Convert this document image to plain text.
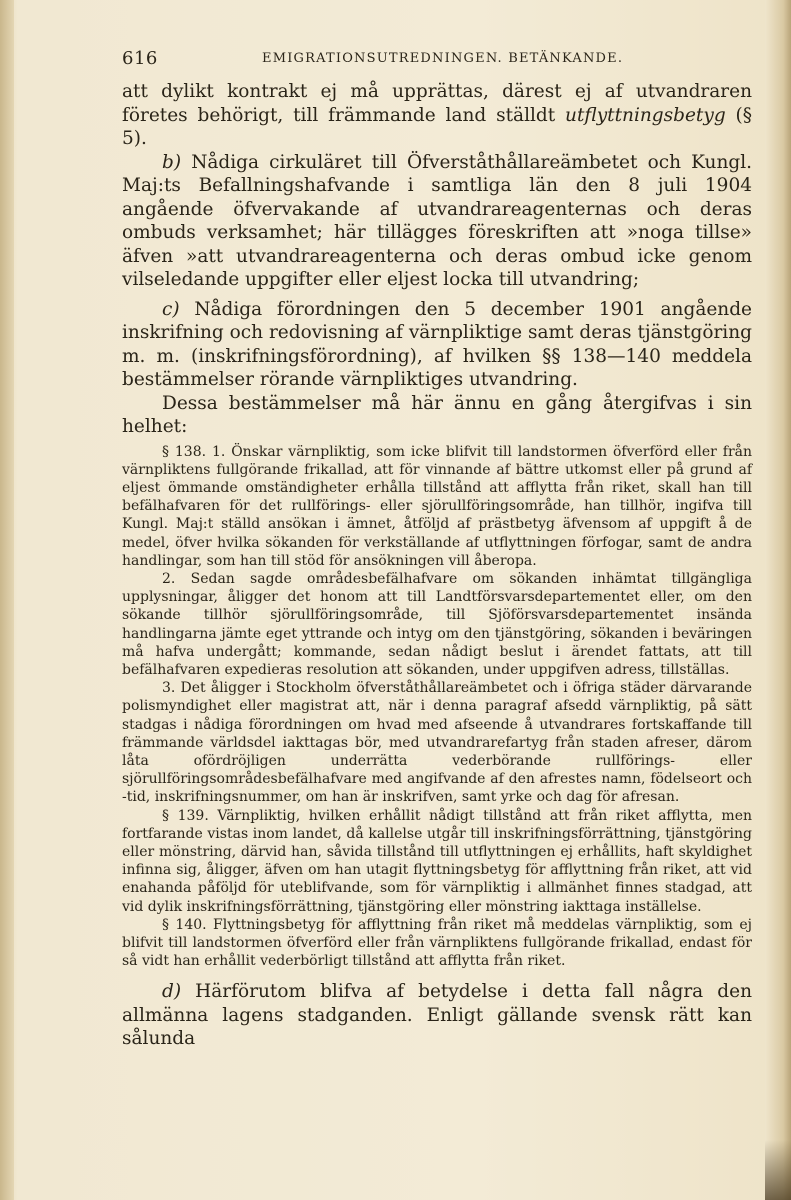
616	EMIGRATIONSUTREDNINGEN. BETÄNKANDE.

att dylikt kontrakt ej må upprättas, därest ej af utvandraren företes behörigt, till främmande land ställdt utflyttningsbetyg (§ 5).

b) Nådiga cirkuläret till Öfverståthållareämbetet och Kungl. Maj:ts Befallningshafvande i samtliga län den 8 juli 1904 angående öfvervakande af utvandrareagenternas och deras ombuds verksamhet; här tillägges föreskriften att »noga tillse» äfven »att utvandrareagenterna och deras ombud icke genom vilseledande uppgifter eller eljest locka till utvandring;

c) Nådiga förordningen den 5 december 1901 angående inskrifning och redovisning af värnpliktige samt deras tjänstgöring m. m. (inskrifningsförordning), af hvilken §§ 138—140 meddela bestämmelser rörande värnpliktiges utvandring.

Dessa bestämmelser må här ännu en gång återgifvas i sin helhet:

§ 138. 1. Önskar värnpliktig, som icke blifvit till landstormen öfverförd eller från värnpliktens fullgörande frikallad, att för vinnande af bättre utkomst eller på grund af eljest ömmande omständigheter erhålla tillstånd att afflytta från riket, skall han till befälhafvaren för det rullförings- eller sjörullföringsområde, han tillhör, ingifva till Kungl. Maj:t ställd ansökan i ämnet, åtföljd af prästbetyg äfvensom af uppgift å de medel, öfver hvilka sökanden för verkställande af utflyttningen förfogar, samt de andra handlingar, som han till stöd för ansökningen vill åberopa.

2. Sedan sagde områdesbefälhafvare om sökanden inhämtat tillgängliga upplysningar, åligger det honom att till Landtförsvarsdepartementet eller, om den sökande tillhör sjörullföringsområde, till Sjöförsvarsdepartementet insända handlingarna jämte eget yttrande och intyg om den tjänstgöring, sökanden i beväringen må hafva undergått; kommande, sedan nådigt beslut i ärendet fattats, att till befälhafvaren expedieras resolution att sökanden, under uppgifven adress, tillställas.

3. Det åligger i Stockholm öfverståthållareämbetet och i öfriga städer därvarande polismyndighet eller magistrat att, när i denna paragraf afsedd värnpliktig, på sätt stadgas i nådiga förordningen om hvad med afseende å utvandrares fortskaffande till främmande världsdel iakttagas bör, med utvandrarefartyg från staden afreser, därom låta ofördröjligen underrätta vederbörande rullförings- eller sjörullföringsområdesbefälhafvare med angifvande af den afrestes namn, födelseort och -tid, inskrifningsnummer, om han är inskrifven, samt yrke och dag för afresan.

§ 139. Värnpliktig, hvilken erhållit nådigt tillstånd att från riket afflytta, men fortfarande vistas inom landet, då kallelse utgår till inskrifningsförrättning, tjänstgöring eller mönstring, därvid han, såvida tillstånd till utflyttningen ej erhållits, haft skyldighet infinna sig, åligger, äfven om han utagit flyttningsbetyg för afflyttning från riket, att vid enahanda påföljd för uteblifvande, som för värnpliktig i allmänhet finnes stadgad, att vid dylik inskrifningsförrättning, tjänstgöring eller mönstring iakttaga inställelse.

§ 140. Flyttningsbetyg för afflyttning från riket må meddelas värnpliktig, som ej blifvit till landstormen öfverförd eller från värnpliktens fullgörande frikallad, endast för så vidt han erhållit vederbörligt tillstånd att afflytta från riket.

d) Härförutom blifva af betydelse i detta fall några den allmänna lagens stadganden. Enligt gällande svensk rätt kan sålunda
